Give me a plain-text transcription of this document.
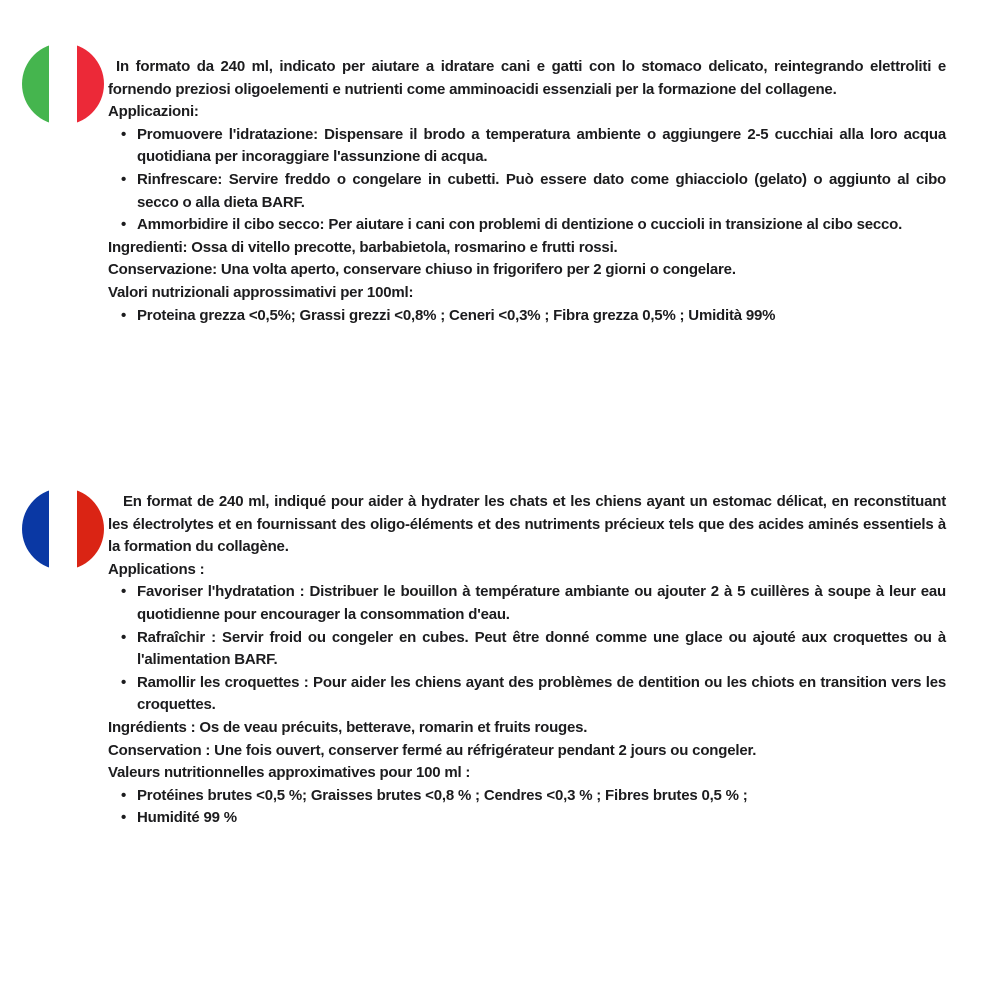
In formato da 240 ml, indicato per aiutare a idratare cani e gatti con lo stomaco delicato, reintegrando elettroliti e fornendo preziosi oligoelementi e nutrienti come amminoacidi essenziali per la formazione del collagene.

Applicazioni:

• Promuovere l'idratazione: Dispensare il brodo a temperatura ambiente o aggiungere 2-5 cucchiai alla loro acqua quotidiana per incoraggiare l'assunzione di acqua.
• Rinfrescare: Servire freddo o congelare in cubetti. Può essere dato come ghiacciolo (gelato) o aggiunto al cibo secco o alla dieta BARF.
• Ammorbidire il cibo secco: Per aiutare i cani con problemi di dentizione o cuccioli in transizione al cibo secco.

Ingredienti: Ossa di vitello precotte, barbabietola, rosmarino e frutti rossi.

Conservazione: Una volta aperto, conservare chiuso in frigorifero per 2 giorni o congelare.

Valori nutrizionali approssimativi per 100ml:

• Proteina grezza <0,5%; Grassi grezzi <0,8% ; Ceneri <0,3% ; Fibra grezza 0,5% ; Umidità 99%

En format de 240 ml, indiqué pour aider à hydrater les chats et les chiens ayant un estomac délicat, en reconstituant les électrolytes et en fournissant des oligo-éléments et des nutriments précieux tels que des acides aminés essentiels à la formation du collagène.

Applications :

• Favoriser l'hydratation : Distribuer le bouillon à température ambiante ou ajouter 2 à 5 cuillères à soupe à leur eau quotidienne pour encourager la consommation d'eau.
• Rafraîchir : Servir froid ou congeler en cubes. Peut être donné comme une glace ou ajouté aux croquettes ou à l'alimentation BARF.
• Ramollir les croquettes : Pour aider les chiens ayant des problèmes de dentition ou les chiots en transition vers les croquettes.

Ingrédients : Os de veau précuits, betterave, romarin et fruits rouges.

Conservation : Une fois ouvert, conserver fermé au réfrigérateur pendant 2 jours ou congeler.

Valeurs nutritionnelles approximatives pour 100 ml :

• Protéines brutes <0,5 %; Graisses brutes <0,8 % ; Cendres <0,3 % ; Fibres brutes 0,5 % ;
• Humidité 99 %
